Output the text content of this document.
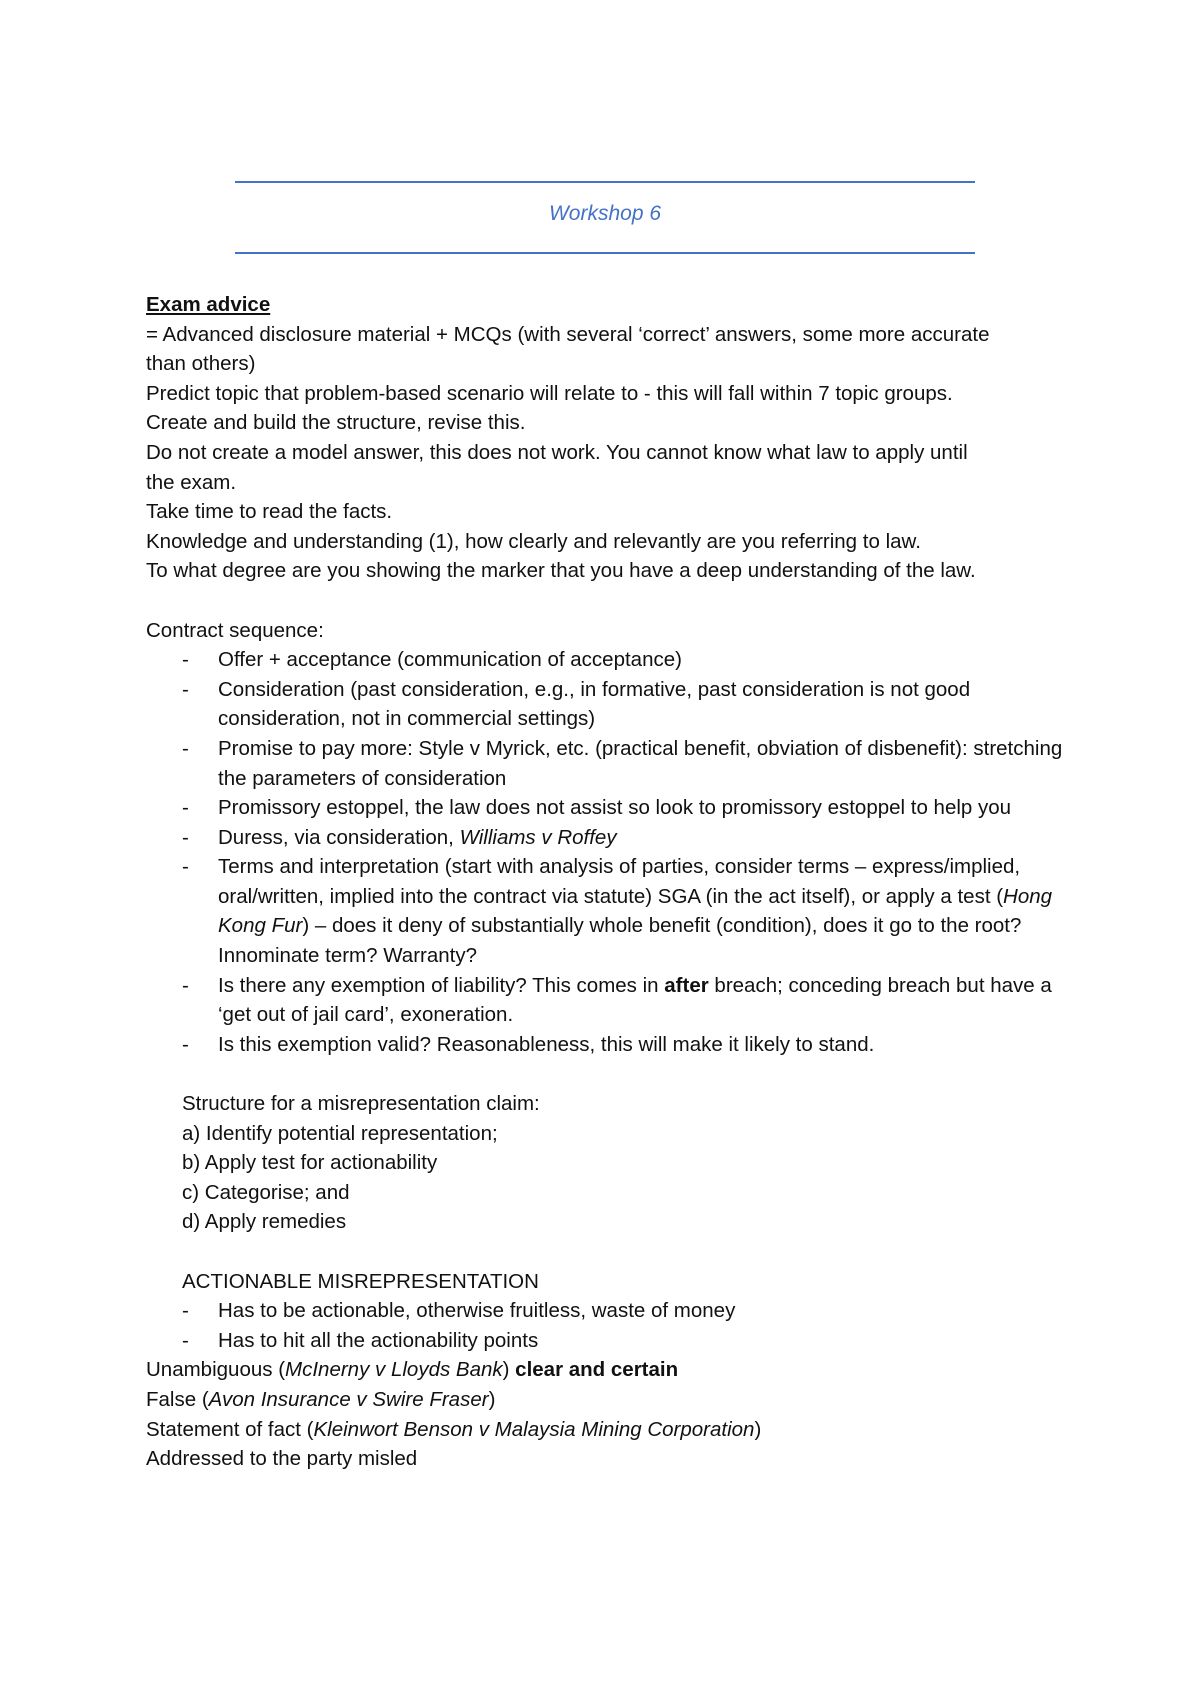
Workshop 6
Exam advice
= Advanced disclosure material + MCQs (with several ‘correct’ answers, some more accurate
than others)
Predict topic that problem-based scenario will relate to - this will fall within 7 topic groups.
Create and build the structure, revise this.
Do not create a model answer, this does not work. You cannot know what law to apply until
the exam.
Take time to read the facts.
Knowledge and understanding (1), how clearly and relevantly are you referring to law.
To what degree are you showing the marker that you have a deep understanding of the law.
Contract sequence:
- Offer + acceptance (communication of acceptance)
- Consideration (past consideration, e.g., in formative, past consideration is not good consideration, not in commercial settings)
- Promise to pay more: Style v Myrick, etc. (practical benefit, obviation of disbenefit): stretching the parameters of consideration
- Promissory estoppel, the law does not assist so look to promissory estoppel to help you
- Duress, via consideration, Williams v Roffey
- Terms and interpretation (start with analysis of parties, consider terms – express/implied, oral/written, implied into the contract via statute) SGA (in the act itself), or apply a test (Hong Kong Fur) – does it deny of substantially whole benefit (condition), does it go to the root? Innominate term? Warranty?
- Is there any exemption of liability? This comes in after breach; conceding breach but have a ‘get out of jail card’, exoneration.
- Is this exemption valid? Reasonableness, this will make it likely to stand.
Structure for a misrepresentation claim:
a) Identify potential representation;
b) Apply test for actionability
c) Categorise; and
d) Apply remedies
ACTIONABLE MISREPRESENTATION
- Has to be actionable, otherwise fruitless, waste of money
- Has to hit all the actionability points
Unambiguous (McInerny v Lloyds Bank) clear and certain
False (Avon Insurance v Swire Fraser)
Statement of fact (Kleinwort Benson v Malaysia Mining Corporation)
Addressed to the party misled
